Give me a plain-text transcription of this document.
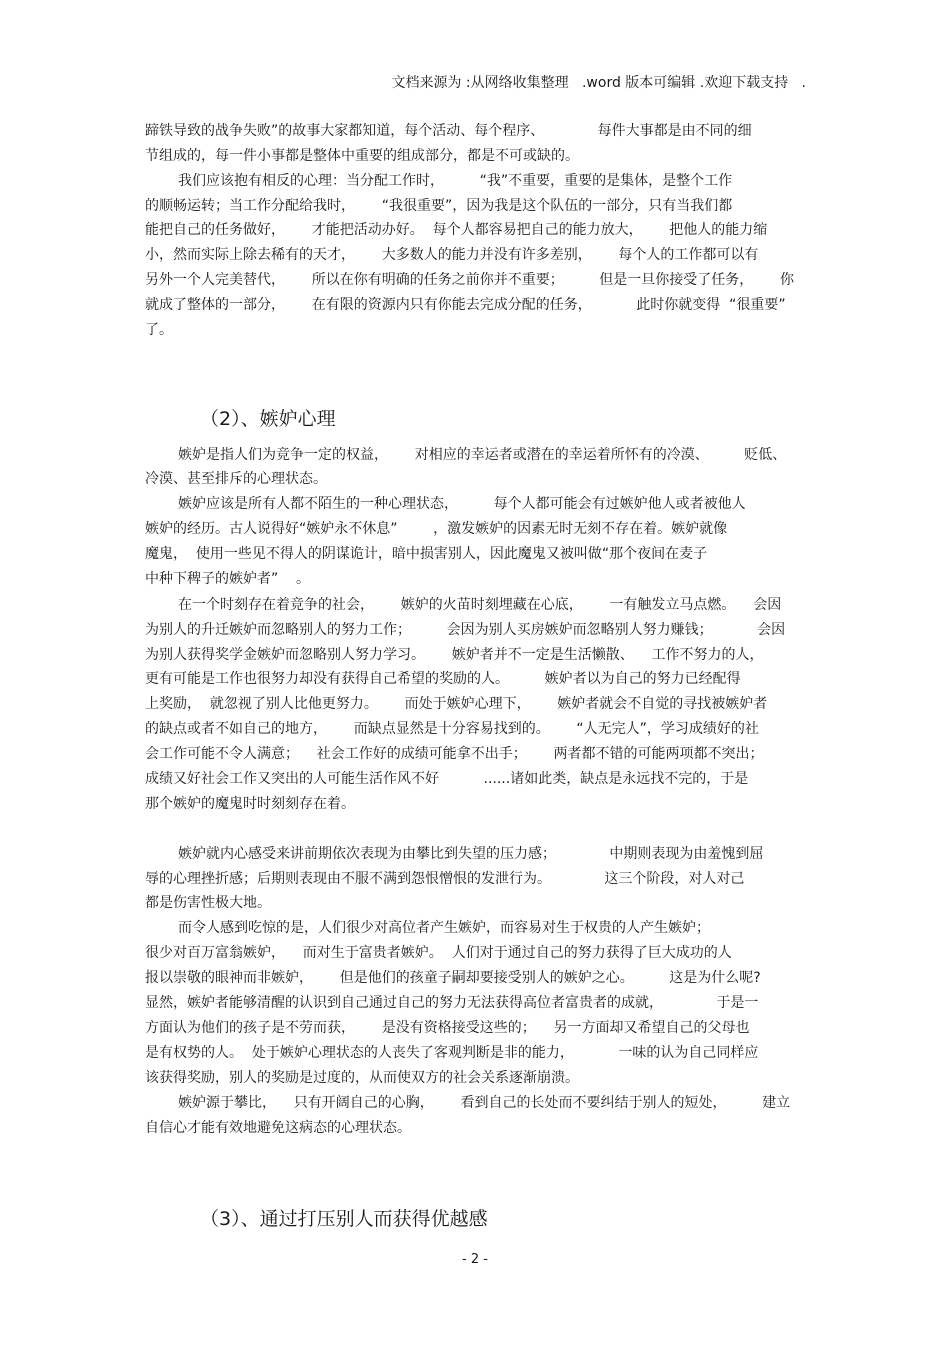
文档来源为 :从网络收集整理   .word 版本可编辑 .欢迎下载支持   .
蹄铁导致的战争失败”的故事大家都知道，每个活动、每个程序、            每件大事都是由不同的细
节组成的，每一件小事都是整体中重要的组成部分，都是不可或缺的。
我们应该抱有相反的心理：当分配工作时，        “我”不重要，重要的是集体，是整个工作
的顺畅运转；当工作分配给我时，      “我很重要”，因为我是这个队伍的一部分，只有当我们都
能把自己的任务做好，      才能把活动办好。  每个人都容易把自己的能力放大，      把他人的能力缩
小，然而实际上除去稀有的天才，      大多数人的能力并没有许多差别，      每个人的工作都可以有
另外一个人完美替代，      所以在你有明确的任务之前你并不重要；        但是一旦你接受了任务，      你
就成了整体的一部分，      在有限的资源内只有你能去完成分配的任务，          此时你就变得  “很重要”
了。
（2）、嫉妒心理
嫉妒是指人们为竞争一定的权益，      对相应的幸运者或潜在的幸运着所怀有的冷漠、        贬低、
冷漠、甚至排斥的心理状态。
嫉妒应该是所有人都不陌生的一种心理状态，        每个人都可能会有过嫉妒他人或者被他人
嫉妒的经历。古人说得好“嫉妒永不休息”        ，激发嫉妒的因素无时无刻不存在着。嫉妒就像
魔鬼，  使用一些见不得人的阴谋诡计，暗中损害别人，因此魔鬼又被叫做“那个夜间在麦子
中种下稗子的嫉妒者”    。
在一个时刻存在着竞争的社会，      嫉妒的火苗时刻埋藏在心底，      一有触发立马点燃。    会因
为别人的升迁嫉妒而忽略别人的努力工作；        会因为别人买房嫉妒而忽略别人努力赚钱；          会因
为别人获得奖学金嫉妒而忽略别人努力学习。      嫉妒者并不一定是生活懒散、    工作不努力的人，
更有可能是工作也很努力却没有获得自己希望的奖励的人。        嫉妒者以为自己的努力已经配得
上奖励，  就忽视了别人比他更努力。      而处于嫉妒心理下，      嫉妒者就会不自觉的寻找被嫉妒者
的缺点或者不如自己的地方，      而缺点显然是十分容易找到的。      “人无完人”，学习成绩好的社
会工作可能不令人满意；    社会工作好的成绩可能拿不出手；      两者都不错的可能两项都不突出；
成绩又好社会工作又突出的人可能生活作风不好          ......诸如此类，缺点是永远找不完的，于是
那个嫉妒的魔鬼时时刻刻存在着。
嫉妒就内心感受来讲前期依次表现为由攀比到失望的压力感；            中期则表现为由羞愧到屈
辱的心理挫折感；后期则表现由不服不满到怨恨憎恨的发泄行为。            这三个阶段，对人对己
都是伤害性极大地。
而令人感到吃惊的是，人们很少对高位者产生嫉妒，而容易对生于权贵的人产生嫉妒；
很少对百万富翁嫉妒，    而对生于富贵者嫉妒。  人们对于通过自己的努力获得了巨大成功的人
报以崇敬的眼神而非嫉妒，      但是他们的孩童子嗣却要接受别人的嫉妒之心。        这是为什么呢?
显然，嫉妒者能够清醒的认识到自己通过自己的努力无法获得高位者富贵者的成就，            于是一
方面认为他们的孩子是不劳而获，      是没有资格接受这些的；    另一方面却又希望自己的父母也
是有权势的人。  处于嫉妒心理状态的人丧失了客观判断是非的能力，          一味的认为自己同样应
该获得奖励，别人的奖励是过度的，从而使双方的社会关系逐渐崩溃。
嫉妒源于攀比，    只有开阔自己的心胸，      看到自己的长处而不要纠结于别人的短处，        建立
自信心才能有效地避免这病态的心理状态。
（3）、通过打压别人而获得优越感
- 2 -
